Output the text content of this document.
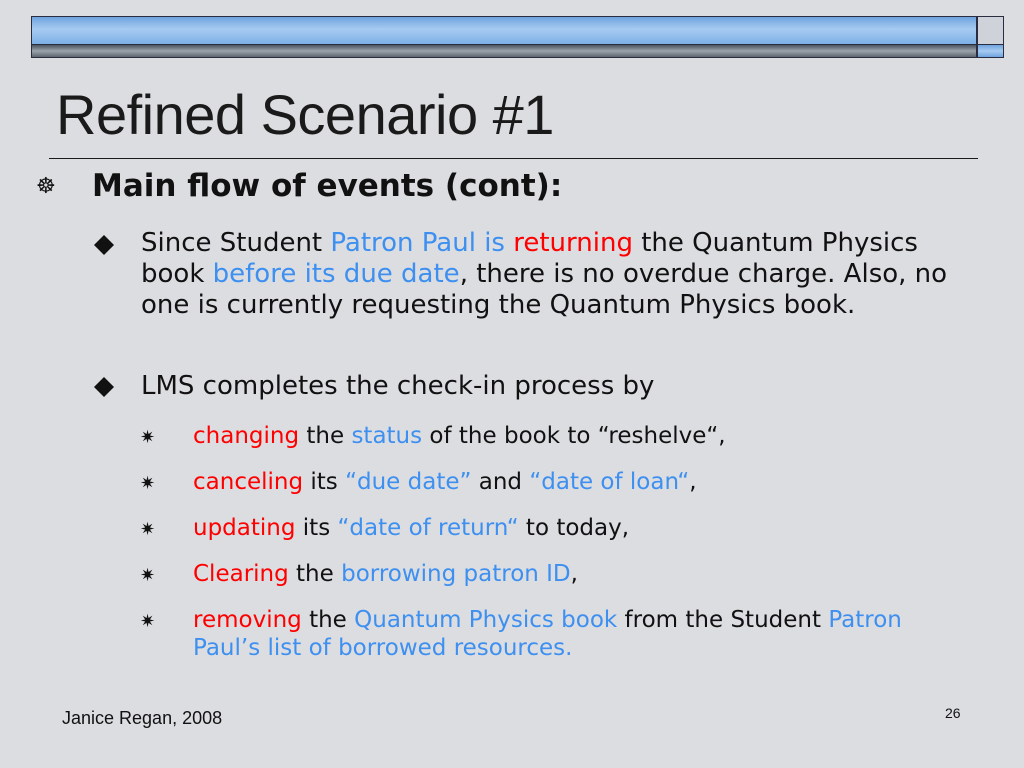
Refined Scenario #1
☸ Main flow of events (cont):
Since Student Patron Paul is returning the Quantum Physics book before its due date, there is no overdue charge. Also, no one is currently requesting the Quantum Physics book.
LMS completes the check-in process by
✷ changing the status of the book to “reshelve“,
✷ canceling its “due date” and “date of loan“,
✷ updating its “date of return“ to today,
✷ Clearing the borrowing patron ID,
✷ removing the Quantum Physics book from the Student Patron Paul’s list of borrowed resources.
Janice Regan, 2008	26
